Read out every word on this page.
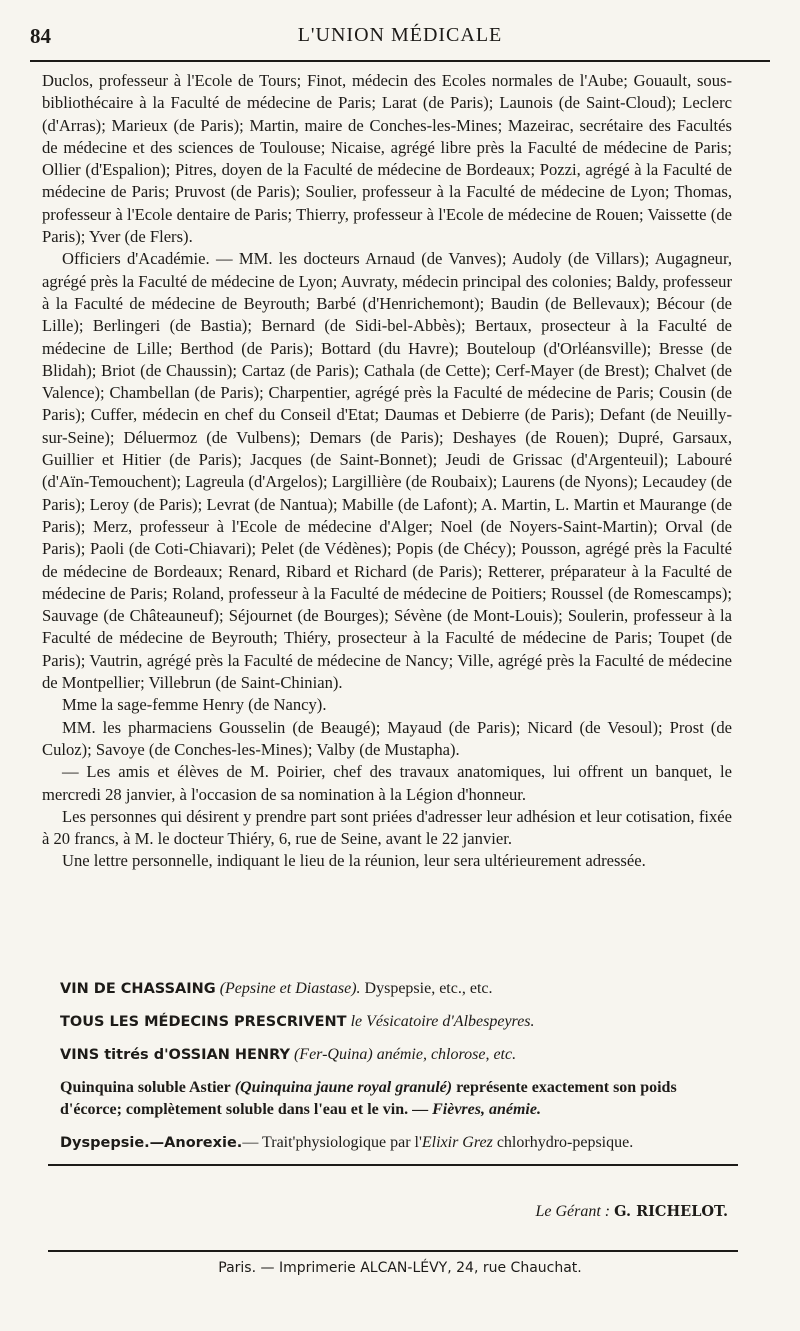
84	L'UNION MÉDICALE

Duclos, professeur à l'Ecole de Tours; Finot, médecin des Ecoles normales de l'Aube; Gouault, sous-bibliothécaire à la Faculté de médecine de Paris; Larat (de Paris); Launois (de Saint-Cloud); Leclerc (d'Arras); Marieux (de Paris); Martin, maire de Conches-les-Mines; Mazeirac, secrétaire des Facultés de médecine et des sciences de Toulouse; Nicaise, agrégé libre près la Faculté de médecine de Paris; Ollier (d'Espalion); Pitres, doyen de la Faculté de médecine de Bordeaux; Pozzi, agrégé à la Faculté de médecine de Paris; Pruvost (de Paris); Soulier, professeur à la Faculté de médecine de Lyon; Thomas, professeur à l'Ecole dentaire de Paris; Thierry, professeur à l'Ecole de médecine de Rouen; Vaissette (de Paris); Yver (de Flers).

Officiers d'Académie. — MM. les docteurs Arnaud (de Vanves); Audoly (de Villars); Augagneur, agrégé près la Faculté de médecine de Lyon; Auvraty, médecin principal des colonies; Baldy, professeur à la Faculté de médecine de Beyrouth; Barbé (d'Henrichemont); Baudin (de Bellevaux); Bécour (de Lille); Berlingeri (de Bastia); Bernard (de Sidi-bel-Abbès); Bertaux, prosecteur à la Faculté de médecine de Lille; Berthod (de Paris); Bottard (du Havre); Bouteloup (d'Orléansville); Bresse (de Blidah); Briot (de Chaussin); Cartaz (de Paris); Cathala (de Cette); Cerf-Mayer (de Brest); Chalvet (de Valence); Chambellan (de Paris); Charpentier, agrégé près la Faculté de médecine de Paris; Cousin (de Paris); Cuffer, médecin en chef du Conseil d'Etat; Daumas et Debierre (de Paris); Defant (de Neuilly-sur-Seine); Déluermoz (de Vulbens); Demars (de Paris); Deshayes (de Rouen); Dupré, Garsaux, Guillier et Hitier (de Paris); Jacques (de Saint-Bonnet); Jeudi de Grissac (d'Argenteuil); Labouré (d'Aïn-Temouchent); Lagreula (d'Argelos); Largillière (de Roubaix); Laurens (de Nyons); Lecaudey (de Paris); Leroy (de Paris); Levrat (de Nantua); Mabille (de Lafont); A. Martin, L. Martin et Maurange (de Paris); Merz, professeur à l'Ecole de médecine d'Alger; Noel (de Noyers-Saint-Martin); Orval (de Paris); Paoli (de Coti-Chiavari); Pelet (de Védènes); Popis (de Chécy); Pousson, agrégé près la Faculté de médecine de Bordeaux; Renard, Ribard et Richard (de Paris); Retterer, préparateur à la Faculté de médecine de Paris; Roland, professeur à la Faculté de médecine de Poitiers; Roussel (de Romescamps); Sauvage (de Châteauneuf); Séjournet (de Bourges); Sévène (de Mont-Louis); Soulerin, professeur à la Faculté de médecine de Beyrouth; Thiéry, prosecteur à la Faculté de médecine de Paris; Toupet (de Paris); Vautrin, agrégé près la Faculté de médecine de Nancy; Ville, agrégé près la Faculté de médecine de Montpellier; Villebrun (de Saint-Chinian).

Mme la sage-femme Henry (de Nancy).

MM. les pharmaciens Gousselin (de Beaugé); Mayaud (de Paris); Nicard (de Vesoul); Prost (de Culoz); Savoye (de Conches-les-Mines); Valby (de Mustapha).

— Les amis et élèves de M. Poirier, chef des travaux anatomiques, lui offrent un banquet, le mercredi 28 janvier, à l'occasion de sa nomination à la Légion d'honneur.

Les personnes qui désirent y prendre part sont priées d'adresser leur adhésion et leur cotisation, fixée à 20 francs, à M. le docteur Thiéry, 6, rue de Seine, avant le 22 janvier.

Une lettre personnelle, indiquant le lieu de la réunion, leur sera ultérieurement adressée.

VIN DE CHASSAING (Pepsine et Diastase). Dyspepsie, etc., etc.
TOUS LES MÉDECINS PRESCRIVENT le Vésicatoire d'Albespeyres.
VINS titrés d'OSSIAN HENRY (Fer-Quina) anémie, chlorose, etc.
Quinquina soluble Astier (Quinquina jaune royal granulé) représente exactement son poids d'écorce; complètement soluble dans l'eau et le vin. — Fièvres, anémie.
Dyspepsie.—Anorexie.— Trait'physiologique par l'Elixir Grez chlorhydro-pepsique.
Le Gérant : G. RICHELOT.
Paris. — Imprimerie ALCAN-LÉVY, 24, rue Chauchat.
